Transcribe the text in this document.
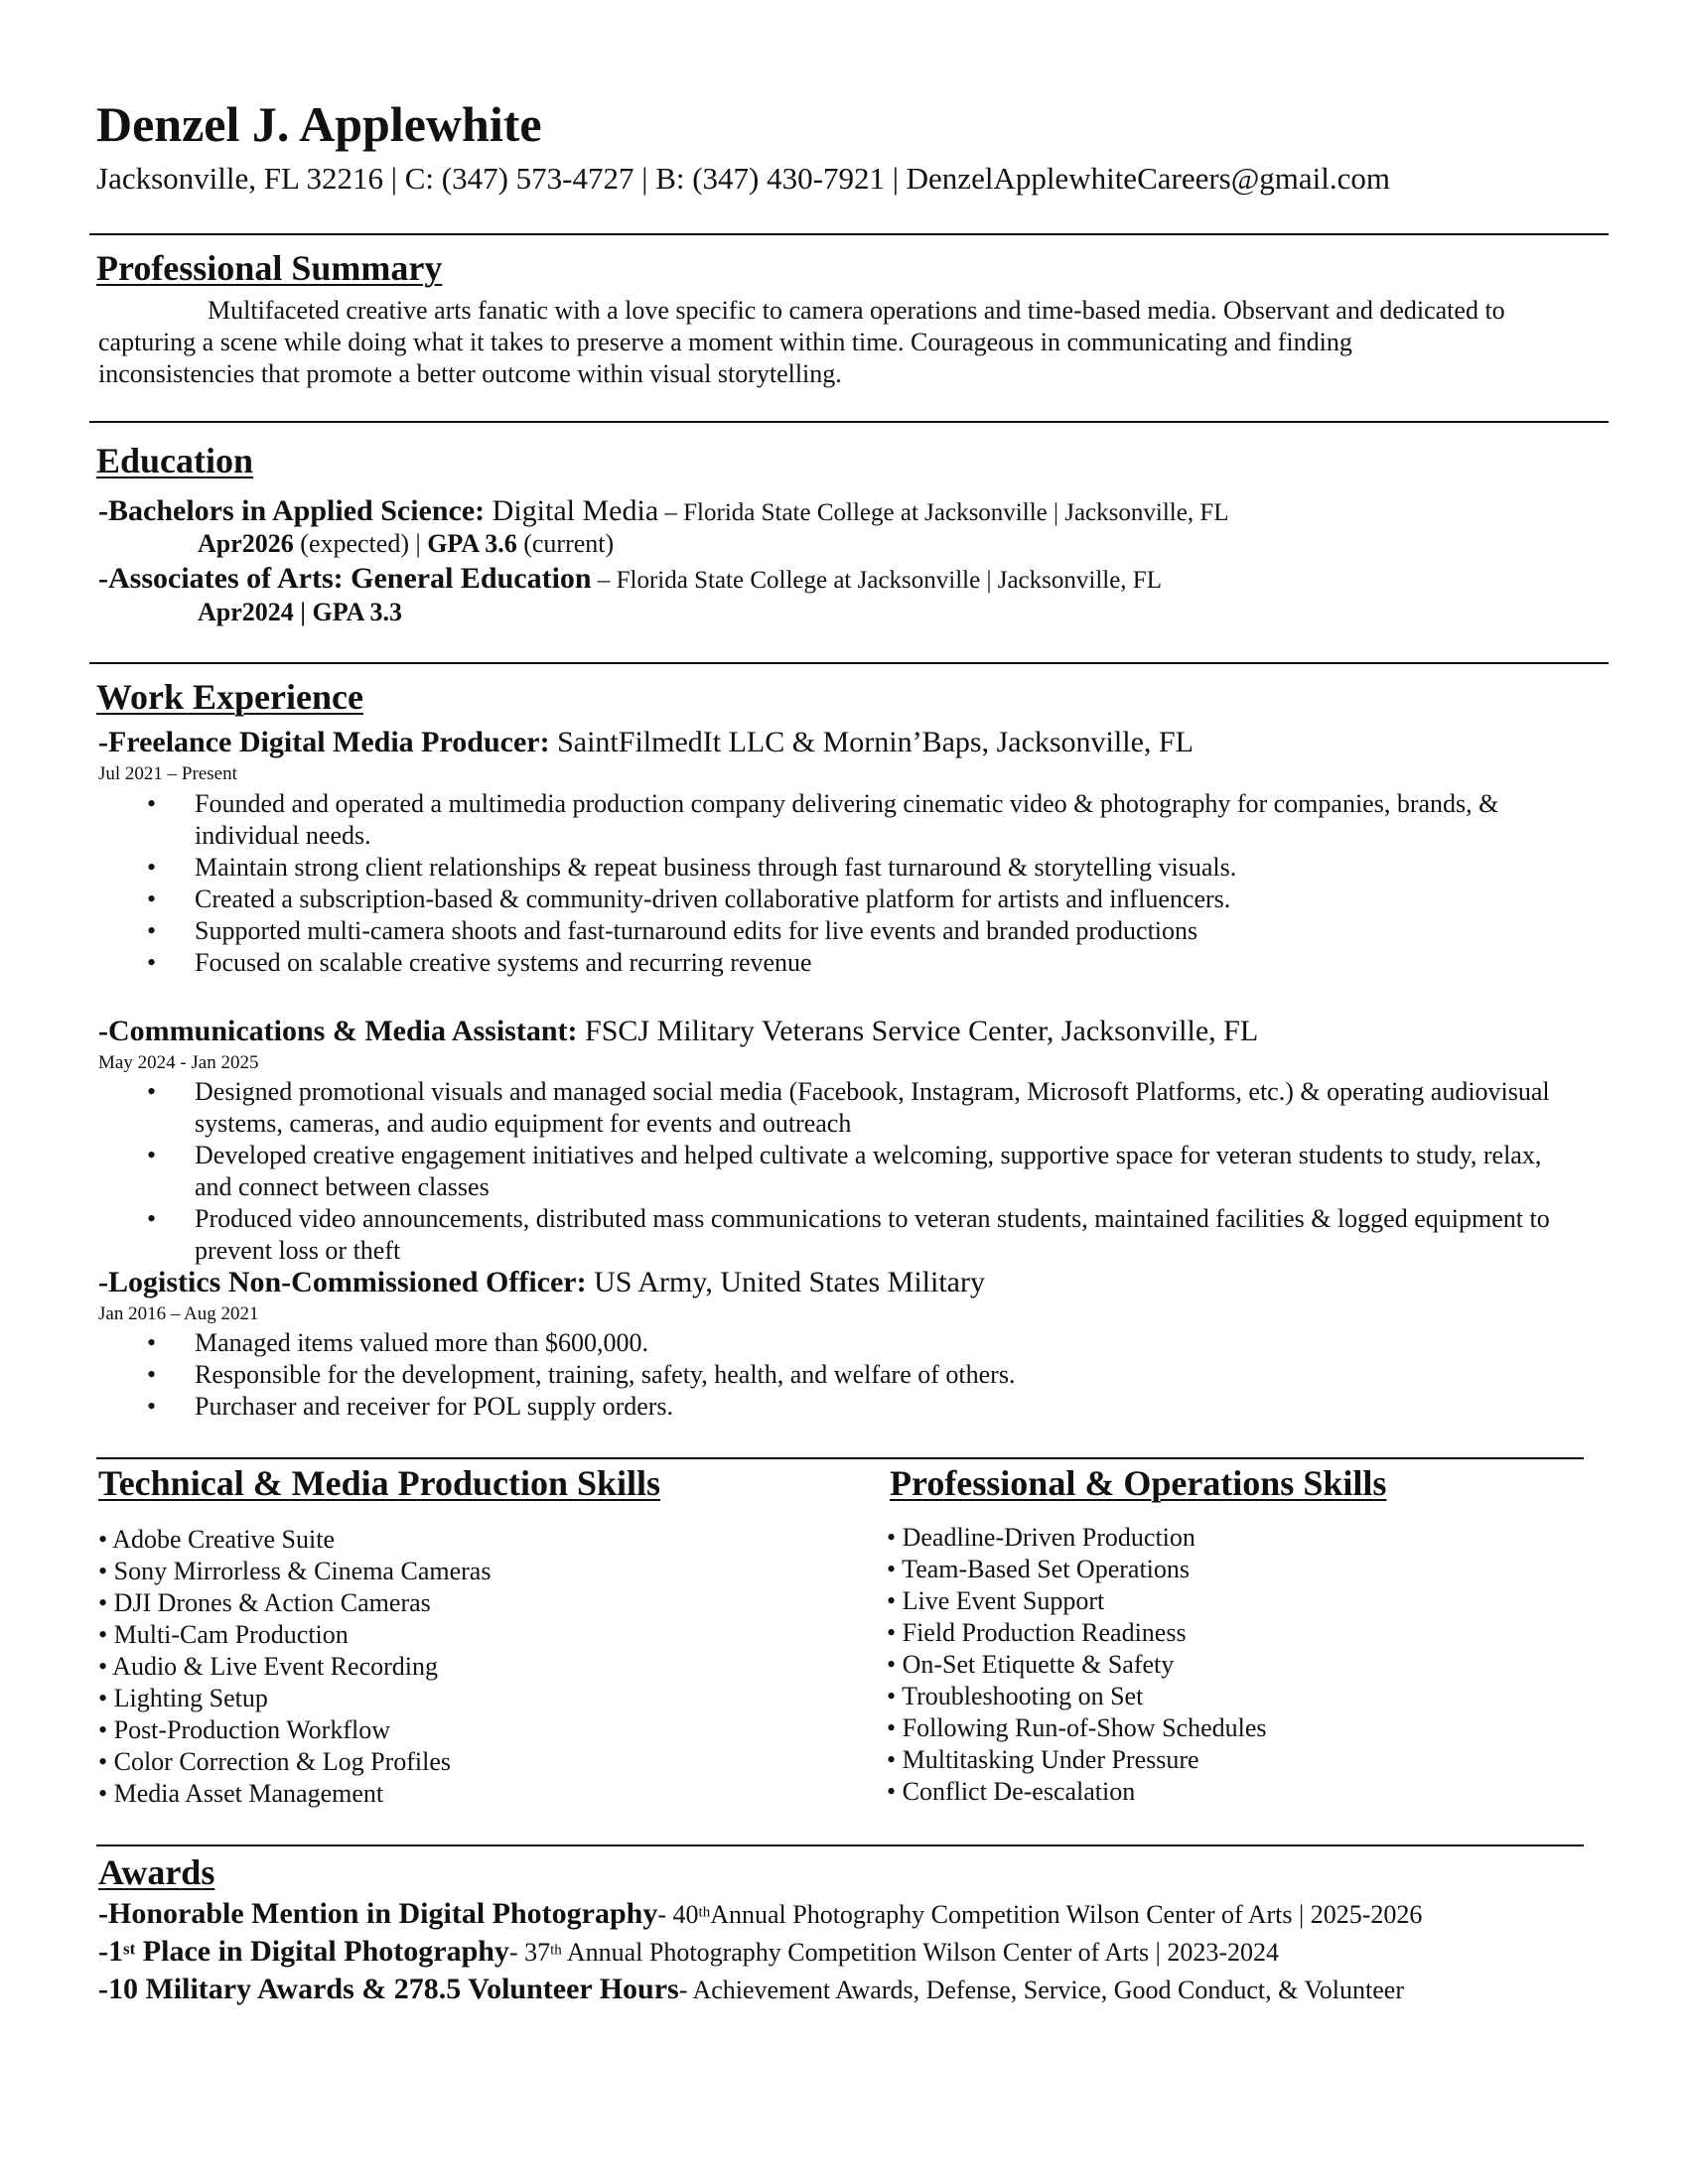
Denzel J. Applewhite
Jacksonville, FL 32216 | C: (347) 573-4727 | B: (347) 430-7921 | DenzelApplewhiteCareers@gmail.com
Professional Summary
Multifaceted creative arts fanatic with a love specific to camera operations and time-based media. Observant and dedicated to capturing a scene while doing what it takes to preserve a moment within time. Courageous in communicating and finding inconsistencies that promote a better outcome within visual storytelling.
Education
-Bachelors in Applied Science: Digital Media – Florida State College at Jacksonville | Jacksonville, FL
Apr2026 (expected) | GPA 3.6 (current)
-Associates of Arts: General Education – Florida State College at Jacksonville | Jacksonville, FL
Apr2024 | GPA 3.3
Work Experience
-Freelance Digital Media Producer: SaintFilmedIt LLC & Mornin’Baps, Jacksonville, FL
Jul 2021 – Present
• Founded and operated a multimedia production company delivering cinematic video & photography for companies, brands, & individual needs.
• Maintain strong client relationships & repeat business through fast turnaround & storytelling visuals.
• Created a subscription-based & community-driven collaborative platform for artists and influencers.
• Supported multi-camera shoots and fast-turnaround edits for live events and branded productions
• Focused on scalable creative systems and recurring revenue
-Communications & Media Assistant: FSCJ Military Veterans Service Center, Jacksonville, FL
May 2024 - Jan 2025
• Designed promotional visuals and managed social media (Facebook, Instagram, Microsoft Platforms, etc.) & operating audiovisual systems, cameras, and audio equipment for events and outreach
• Developed creative engagement initiatives and helped cultivate a welcoming, supportive space for veteran students to study, relax, and connect between classes
• Produced video announcements, distributed mass communications to veteran students, maintained facilities & logged equipment to prevent loss or theft
-Logistics Non-Commissioned Officer: US Army, United States Military
Jan 2016 – Aug 2021
• Managed items valued more than $600,000.
• Responsible for the development, training, safety, health, and welfare of others.
• Purchaser and receiver for POL supply orders.
Technical & Media Production Skills
• Adobe Creative Suite
• Sony Mirrorless & Cinema Cameras
• DJI Drones & Action Cameras
• Multi-Cam Production
• Audio & Live Event Recording
• Lighting Setup
• Post-Production Workflow
• Color Correction & Log Profiles
• Media Asset Management
Professional & Operations Skills
• Deadline-Driven Production
• Team-Based Set Operations
• Live Event Support
• Field Production Readiness
• On-Set Etiquette & Safety
• Troubleshooting on Set
• Following Run-of-Show Schedules
• Multitasking Under Pressure
• Conflict De-escalation
Awards
-Honorable Mention in Digital Photography- 40thAnnual Photography Competition Wilson Center of Arts | 2025-2026
-1st Place in Digital Photography- 37th Annual Photography Competition Wilson Center of Arts | 2023-2024
-10 Military Awards & 278.5 Volunteer Hours- Achievement Awards, Defense, Service, Good Conduct, & Volunteer
